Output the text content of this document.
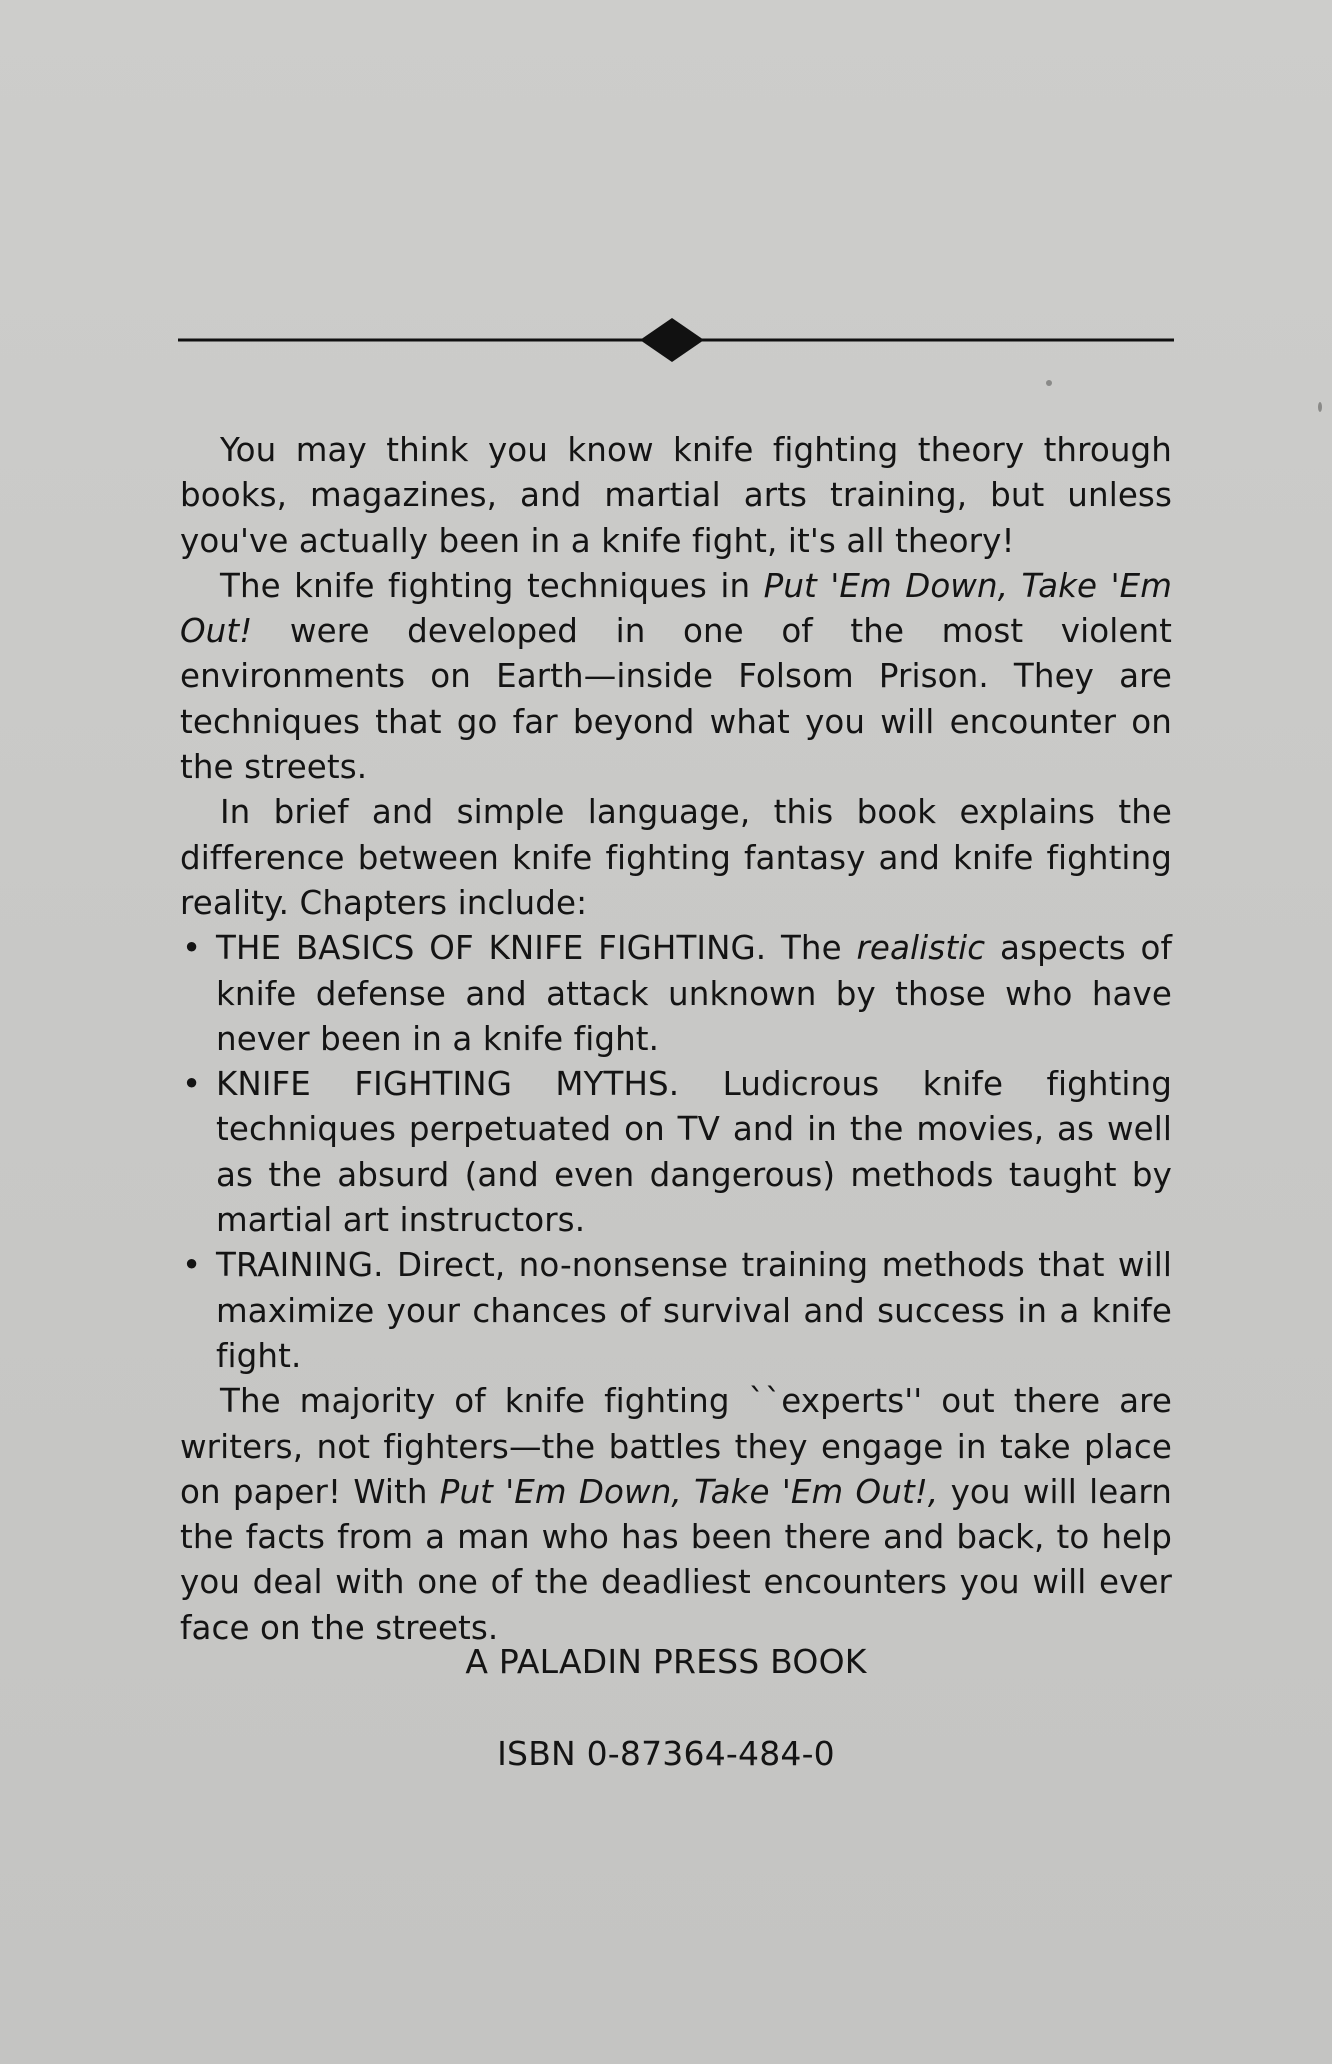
You may think you know knife fighting theory through books, magazines, and martial arts training, but unless you've actually been in a knife fight, it's all theory!

The knife fighting techniques in Put 'Em Down, Take 'Em Out! were developed in one of the most violent environments on Earth—inside Folsom Prison. They are techniques that go far beyond what you will encounter on the streets.

In brief and simple language, this book explains the difference between knife fighting fantasy and knife fighting reality. Chapters include:

• THE BASICS OF KNIFE FIGHTING. The realistic aspects of knife defense and attack unknown by those who have never been in a knife fight.
• KNIFE FIGHTING MYTHS. Ludicrous knife fighting techniques perpetuated on TV and in the movies, as well as the absurd (and even dangerous) methods taught by martial art instructors.
• TRAINING. Direct, no-nonsense training methods that will maximize your chances of survival and success in a knife fight.

The majority of knife fighting ``experts'' out there are writers, not fighters—the battles they engage in take place on paper! With Put 'Em Down, Take 'Em Out!, you will learn the facts from a man who has been there and back, to help you deal with one of the deadliest encounters you will ever face on the streets.

A PALADIN PRESS BOOK
ISBN 0-87364-484-0
